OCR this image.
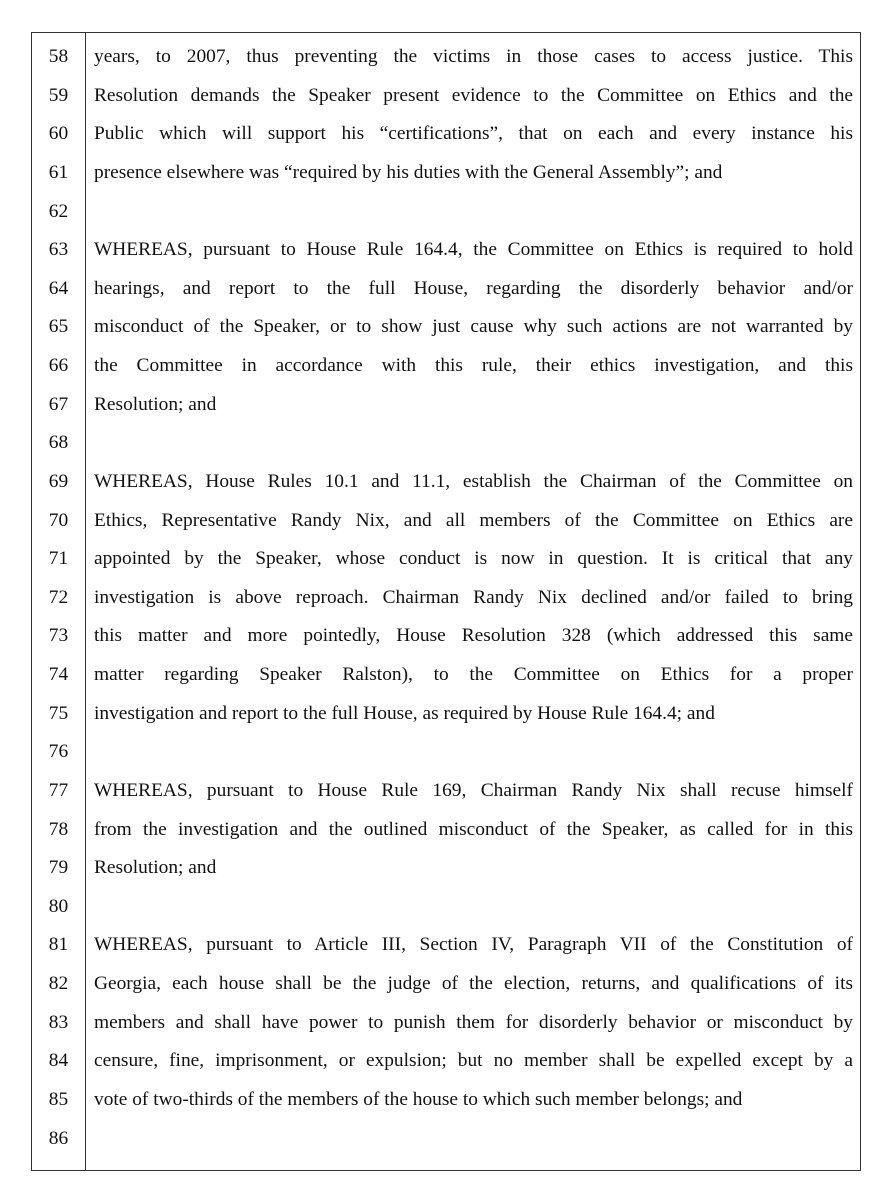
58	years, to 2007, thus preventing the victims in those cases to access justice. This
59	Resolution demands the Speaker present evidence to the Committee on Ethics and the
60	Public which will support his “certifications”, that on each and every instance his
61	presence elsewhere was “required by his duties with the General Assembly”; and
62
63	WHEREAS, pursuant to House Rule 164.4, the Committee on Ethics is required to hold
64	hearings, and report to the full House, regarding the disorderly behavior and/or
65	misconduct of the Speaker, or to show just cause why such actions are not warranted by
66	the Committee in accordance with this rule, their ethics investigation, and this
67	Resolution; and
68
69	WHEREAS, House Rules 10.1 and 11.1, establish the Chairman of the Committee on
70	Ethics, Representative Randy Nix, and all members of the Committee on Ethics are
71	appointed by the Speaker, whose conduct is now in question. It is critical that any
72	investigation is above reproach. Chairman Randy Nix declined and/or failed to bring
73	this matter and more pointedly, House Resolution 328 (which addressed this same
74	matter regarding Speaker Ralston), to the Committee on Ethics for a proper
75	investigation and report to the full House, as required by House Rule 164.4; and
76
77	WHEREAS, pursuant to House Rule 169, Chairman Randy Nix shall recuse himself
78	from the investigation and the outlined misconduct of the Speaker, as called for in this
79	Resolution; and
80
81	WHEREAS, pursuant to Article III, Section IV, Paragraph VII of the Constitution of
82	Georgia, each house shall be the judge of the election, returns, and qualifications of its
83	members and shall have power to punish them for disorderly behavior or misconduct by
84	censure, fine, imprisonment, or expulsion; but no member shall be expelled except by a
85	vote of two-thirds of the members of the house to which such member belongs; and
86
